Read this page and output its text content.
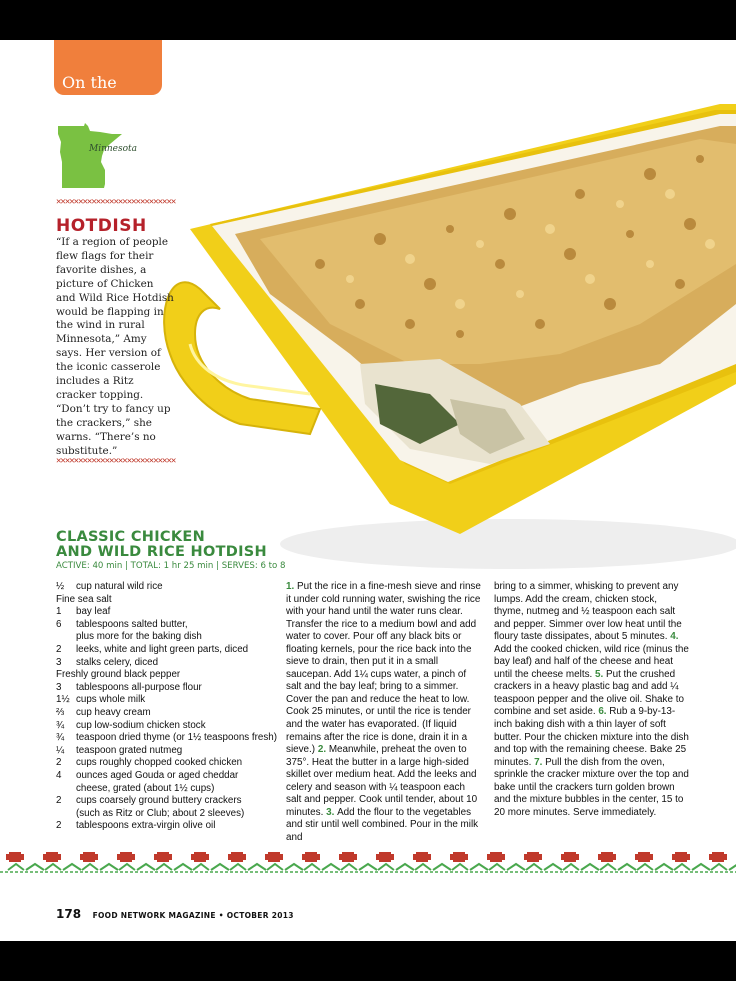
On the Road
Minnesota
✕✕✕✕✕✕✕✕✕✕✕✕✕✕✕✕✕✕✕✕✕✕✕✕✕✕✕
HOTDISH
“If a region of people flew flags for their favorite dishes, a picture of Chicken and Wild Rice Hotdish would be flapping in the wind in rural Minnesota,” Amy says. Her version of the iconic casserole includes a Ritz cracker topping. “Don’t try to fancy up the crackers,” she warns. “There’s no substitute.”
✕✕✕✕✕✕✕✕✕✕✕✕✕✕✕✕✕✕✕✕✕✕✕✕✕✕✕
CLASSIC CHICKEN
AND WILD RICE HOTDISH
ACTIVE: 40 min | TOTAL: 1 hr 25 min | SERVES: 6 to 8
½	cup natural wild rice
Fine sea salt
1	bay leaf
6	tablespoons salted butter,
plus more for the baking dish
2	leeks, white and light green parts, diced
3	stalks celery, diced
Freshly ground black pepper
3	tablespoons all-purpose flour
1½ cups whole milk
⅔	cup heavy cream
¾	cup low-sodium chicken stock
¾	teaspoon dried thyme (or 1½ teaspoons fresh)
¼	teaspoon grated nutmeg
2	cups roughly chopped cooked chicken
4	ounces aged Gouda or aged cheddar
cheese, grated (about 1½ cups)
2	cups coarsely ground buttery crackers
(such as Ritz or Club; about 2 sleeves)
2	tablespoons extra-virgin olive oil
1. Put the rice in a fine-mesh sieve and rinse it under cold running water, swishing the rice with your hand until the water runs clear. Transfer the rice to a medium bowl and add water to cover. Pour off any black bits or floating kernels, pour the rice back into the sieve to drain, then put it in a small saucepan. Add 1¼ cups water, a pinch of salt and the bay leaf; bring to a simmer. Cover the pan and reduce the heat to low. Cook 25 minutes, or until the rice is tender and the water has evaporated. (If liquid remains after the rice is done, drain it in a sieve.) 2. Meanwhile, preheat the oven to 375°. Heat the butter in a large high-sided skillet over medium heat. Add the leeks and celery and season with ¼ teaspoon each salt and pepper. Cook until tender, about 10 minutes. 3. Add the flour to the vegetables and stir until well combined. Pour in the milk and
bring to a simmer, whisking to prevent any lumps. Add the cream, chicken stock, thyme, nutmeg and ½ teaspoon each salt and pepper. Simmer over low heat until the floury taste dissipates, about 5 minutes. 4. Add the cooked chicken, wild rice (minus the bay leaf) and half of the cheese and heat until the cheese melts. 5. Put the crushed crackers in a heavy plastic bag and add ¼ teaspoon pepper and the olive oil. Shake to combine and set aside. 6. Rub a 9-by-13-inch baking dish with a thin layer of soft butter. Pour the chicken mixture into the dish and top with the remaining cheese. Bake 25 minutes. 7. Pull the dish from the oven, sprinkle the cracker mixture over the top and bake until the crackers turn golden brown and the mixture bubbles in the center, 15 to 20 more minutes. Serve immediately.
178 FOOD NETWORK MAGAZINE • OCTOBER 2013
